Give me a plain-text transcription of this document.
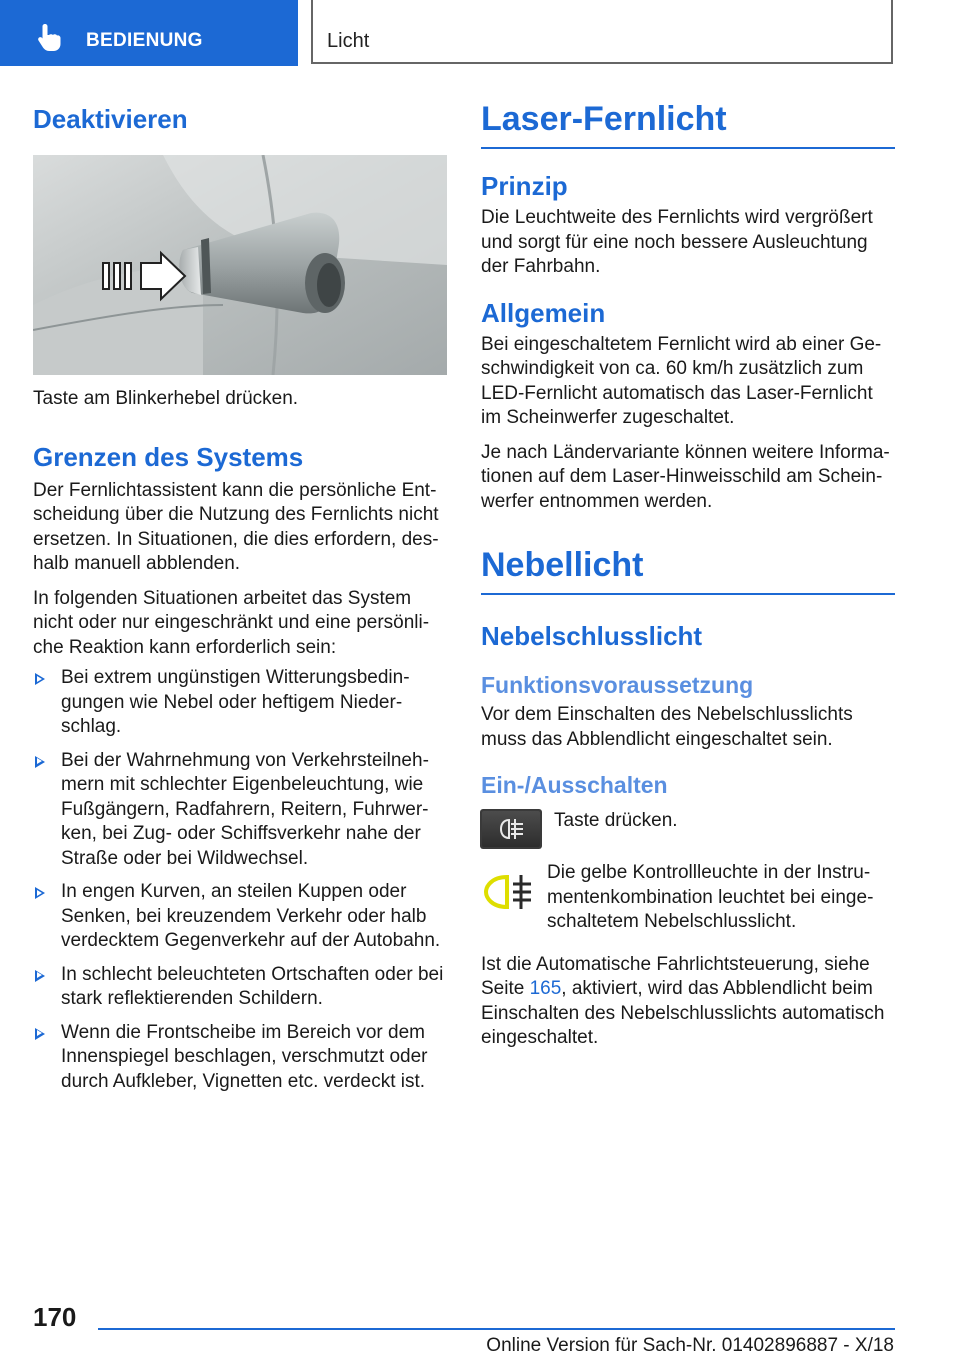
BEDIENUNG	Licht
Deaktivieren

Taste am Blinkerhebel drücken.

Grenzen des Systems

Der Fernlichtassistent kann die persönliche Entscheidung über die Nutzung des Fernlichts nicht ersetzen. In Situationen, die dies erfordern, deshalb manuell abblenden.

In folgenden Situationen arbeitet das System nicht oder nur eingeschränkt und eine persönliche Reaktion kann erforderlich sein:

Bei extrem ungünstigen Witterungsbedingungen wie Nebel oder heftigem Niederschlag.
Bei der Wahrnehmung von Verkehrsteilnehmern mit schlechter Eigenbeleuchtung, wie Fußgängern, Radfahrern, Reitern, Fuhrwerken, bei Zug- oder Schiffsverkehr nahe der Straße oder bei Wildwechsel.
In engen Kurven, an steilen Kuppen oder Senken, bei kreuzendem Verkehr oder halb verdecktem Gegenverkehr auf der Autobahn.
In schlecht beleuchteten Ortschaften oder bei stark reflektierenden Schildern.
Wenn die Frontscheibe im Bereich vor dem Innenspiegel beschlagen, verschmutzt oder durch Aufkleber, Vignetten etc. verdeckt ist.
Laser-Fernlicht
Prinzip

Die Leuchtweite des Fernlichts wird vergrößert und sorgt für eine noch bessere Ausleuchtung der Fahrbahn.

Allgemein

Bei eingeschaltetem Fernlicht wird ab einer Geschwindigkeit von ca. 60 km/h zusätzlich zum LED-Fernlicht automatisch das Laser-Fernlicht im Scheinwerfer zugeschaltet.

Je nach Ländervariante können weitere Informationen auf dem Laser-Hinweisschild am Scheinwerfer entnommen werden.

Nebellicht
Nebelschlusslicht
Funktionsvoraussetzung

Vor dem Einschalten des Nebelschlusslichts muss das Abblendlicht eingeschaltet sein.

Ein-/Ausschalten

Taste drücken.

Die gelbe Kontrollleuchte in der Instrumentenkombination leuchtet bei eingeschaltetem Nebelschlusslicht.

Ist die Automatische Fahrlichtsteuerung, siehe Seite 165, aktiviert, wird das Abblendlicht beim Einschalten des Nebelschlusslichts automatisch eingeschaltet.

170
Online Version für Sach-Nr. 01402896887 - X/18
